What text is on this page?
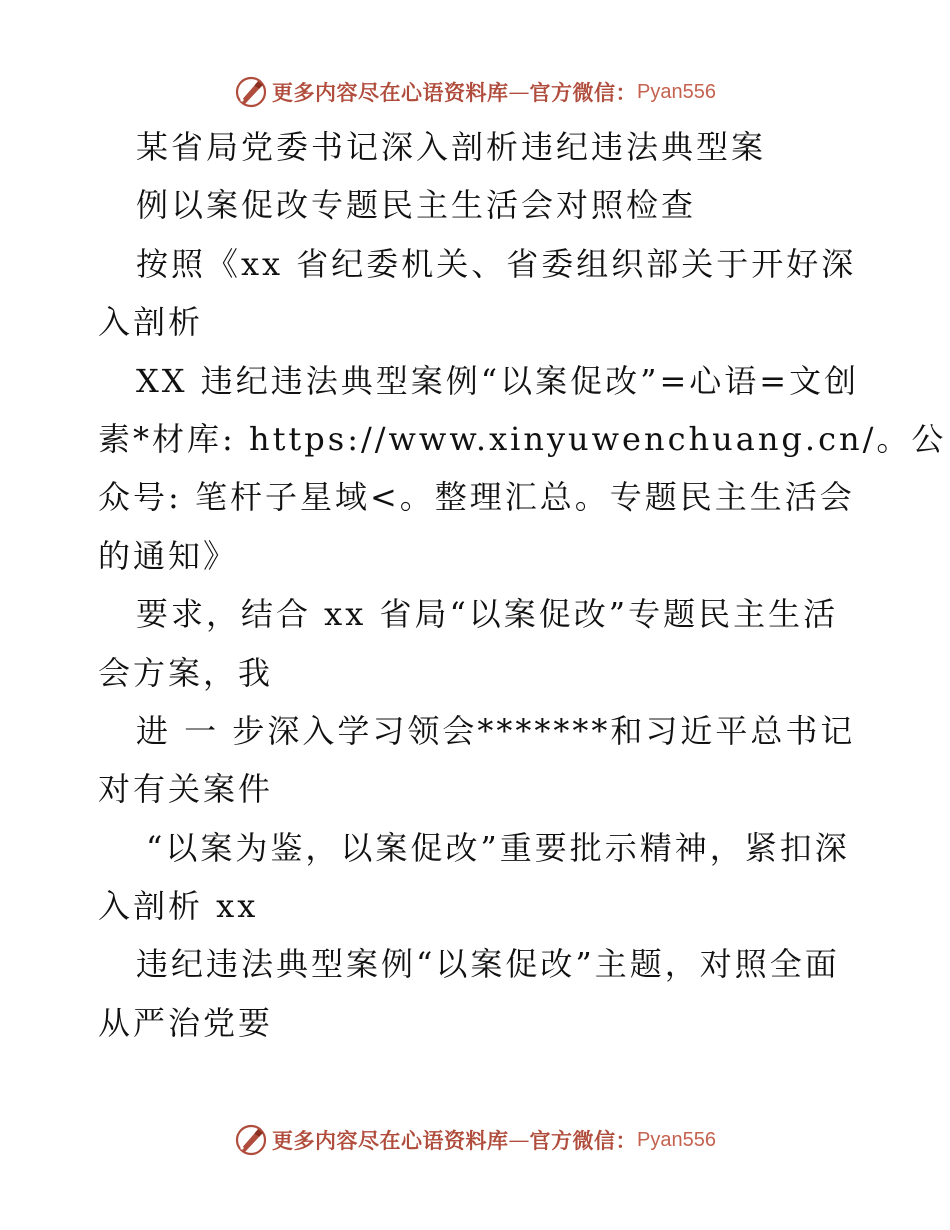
更多内容尽在心语资料库 — 官方微信： Pyan556
某省局党委书记深入剖析违纪违法典型案
例以案促改专题民主生活会对照检查
按照《xx 省纪委机关、省委组织部关于开好深
入剖析
XX 违纪违法典型案例“以案促改”=心语=文创
素*材库: https://www.xinyuwenchuang.cn/。公
众号: 笔杆子星域<。整理汇总。专题民主生活会
的通知》
要求，结合 xx 省局“以案促改”专题民主生活
会方案，我
进 一 步深入学习领会*******和习近平总书记
对有关案件
“以案为鉴，以案促改”重要批示精神，紧扣深
入剖析 xx
违纪违法典型案例“以案促改”主题，对照全面
从严治党要
更多内容尽在心语资料库 — 官方微信： Pyan556
